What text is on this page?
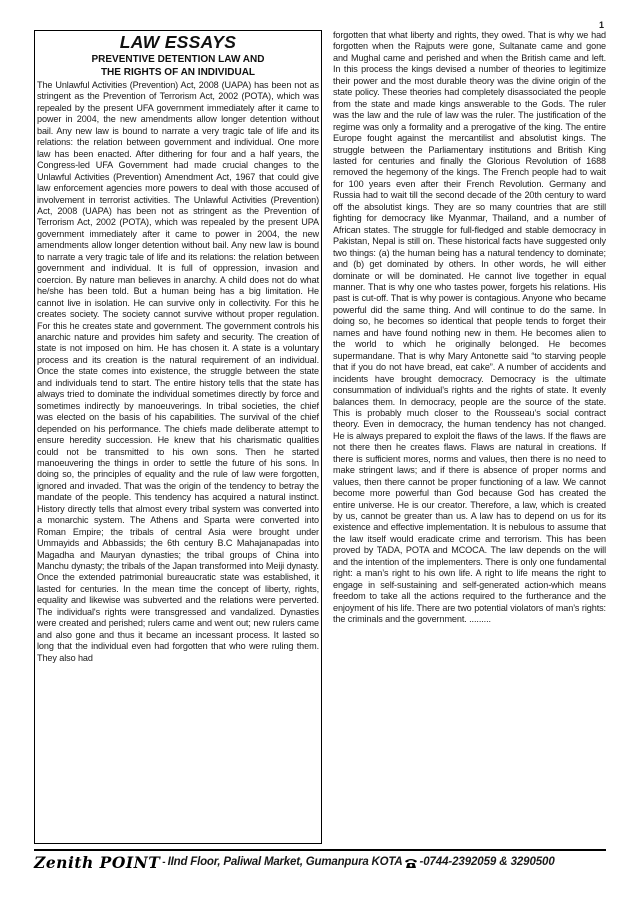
1
LAW ESSAYS
PREVENTIVE DETENTION LAW AND
THE RIGHTS OF AN INDIVIDUAL

The Unlawful Activities (Prevention) Act, 2008 (UAPA) has been not as stringent as the Prevention of Terrorism Act, 2002 (POTA), which was repealed by the present UFA government immediately after it came to power in 2004, the new amendments allow longer detention without bail. Any new law is bound to narrate a very tragic tale of life and its relations: the relation between government and individual. One more law has been enacted. After dithering for four and a half years, the Congress-led UFA Government had made crucial changes to the Unlawful Activities (Prevention) Amendment Act, 1967 that could give law enforcement agencies more powers to deal with those accused of involvement in terrorist activities. The Unlawful Activities (Prevention) Act, 2008 (UAPA) has been not as stringent as the Prevention of Terrorism Act, 2002 (POTA), which was repealed by the present UPA government immediately after it came to power in 2004, the new amendments allow longer detention without bail. Any new law is bound to narrate a very tragic tale of life and its relations: the relation between government and individual. It is full of oppression, invasion and coercion. By nature man believes in anarchy. A child does not do what he/she has been told. But a human being has a big limitation. He cannot live in isolation. He can survive only in collectivity. For this he creates society. The society cannot survive without proper regulation. For this he creates state and government. The government controls his anarchic nature and provides him safety and security. The creation of state is not imposed on him. He has chosen it. A state is a voluntary process and its creation is the natural requirement of an individual. Once the state comes into existence, the struggle between the state and individuals tend to start. The entire history tells that the state has always tried to dominate the individual sometimes directly by force and sometimes indirectly by manoeuverings. In tribal societies, the chief was elected on the basis of his capabilities. The survival of the chief depended on his performance. The chiefs made deliberate attempt to ensure heredity succession. He knew that his charismatic qualities could not be transmitted to his own sons. Then he started manoeuvering the things in order to settle the future of his sons. In doing so, the principles of equality and the rule of law were forgotten, ignored and invaded. That was the origin of the tendency to betray the mandate of the people. This tendency has acquired a natural instinct. History directly tells that almost every tribal system was converted into a monarchic system. The Athens and Sparta were converted into Roman Empire; the tribals of central Asia were brought under Ummayids and Abbassids; the 6th century B.C Mahajanapadas into Magadha and Mauryan dynasties; the tribal groups of China into Manchu dynasty; the tribals of the Japan transformed into Meiji dynasty. Once the extended patrimonial bureaucratic state was established, it lasted for centuries. In the mean time the concept of liberty, rights, equality and likewise was subverted and the relations were perverted. The individual's rights were transgressed and vandalized. Dynasties were created and perished; rulers came and went out; new rulers came and also gone and thus it became an incessant process. It lasted so long that the individual even had forgotten that who were ruling them. They also had

forgotten that what liberty and rights, they owed. That is why we had forgotten when the Rajputs were gone, Sultanate came and gone and Mughal came and perished and when the British came and left. In this process the kings devised a number of theories to legitimize their power and the most durable theory was the divine origin of the state policy. These theories had completely disassociated the people from the state and made kings answerable to the Gods. The ruler was the law and the rule of law was the ruler. The justification of the regime was only a formality and a prerogative of the king. The entire Europe fought against the mercantilist and absolutist kings. The struggle between the Parliamentary institutions and British King lasted for centuries and finally the Glorious Revolution of 1688 removed the hegemony of the kings. The French people had to wait for 100 years even after their French Revolution. Germany and Russia had to wait till the second decade of the 20th century to ward off the absolutist kings. They are so many countries that are still fighting for democracy like Myanmar, Thailand, and a number of African states. The struggle for full-fledged and stable democracy in Pakistan, Nepal is still on. These historical facts have suggested only two things: (a) the human being has a natural tendency to dominate; and (b) get dominated by others. In other words, he will either dominate or will be dominated. He cannot live together in equal manner. That is why one who tastes power, forgets his relations. His past is cut-off. That is why power is contagious. Anyone who became powerful did the same thing. And will continue to do the same. In doing so, he becomes so identical that people tends to forget their names and have found nothing new in them. He becomes alien to the world to which he originally belonged. He becomes supermandane. That is why Mary Antonette said “to starving people that if you do not have bread, eat cake”. A number of accidents and incidents have brought democracy. Democracy is the ultimate consummation of individual’s rights and the rights of state. It evenly balances them. In democracy, people are the source of the state. This is probably much closer to the Rousseau’s social contract theory. Even in democracy, the human tendency has not changed. He is always prepared to exploit the flaws of the laws. If the flaws are not there then he creates flaws. Flaws are natural in creations. If there is sufficient mores, norms and values, then there is no need to make stringent laws; and if there is absence of proper norms and values, then there cannot be proper functioning of a law. We cannot become more powerful than God because God has created the entire universe. He is our creator. Therefore, a law, which is created by us, cannot be greater than us. A law has to depend on us for its existence and effective implementation. It is nebulous to assume that the law itself would eradicate crime and terrorism. This has been proved by TADA, POTA and MCOCA. The law depends on the will and the intention of the implementers. There is only one fundamental right: a man’s right to his own life. A right to life means the right to engage in self-sustaining and self-generated action-which means freedom to take all the actions required to the furtherance and the enjoyment of his life. There are two potential violators of man’s rights: the criminals and the government. .........

Zenith POINT - IInd Floor, Paliwal Market, Gumanpura KOTA -0744-2392059 & 3290500
